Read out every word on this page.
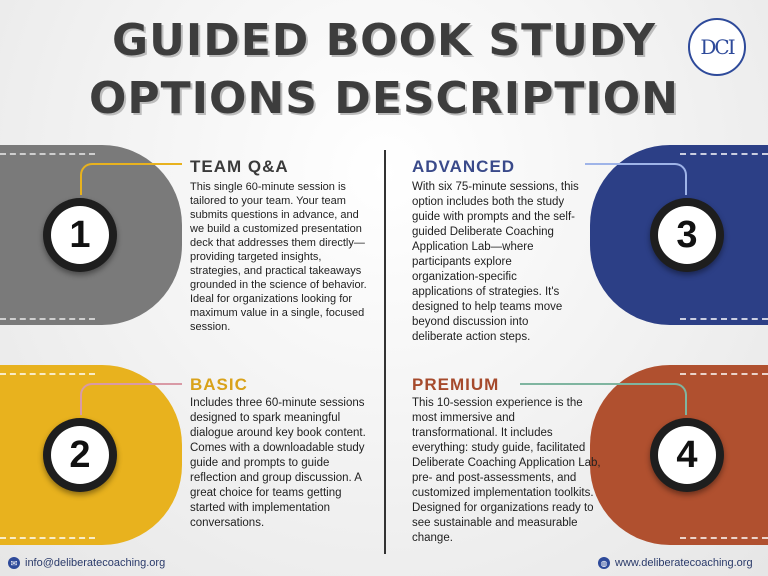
GUIDED BOOK STUDY
OPTIONS DESCRIPTION
DCI
1
TEAM Q&A

This single 60-minute session is tailored to your team. Your team submits questions in advance, and we build a customized presentation deck that addresses them directly—providing targeted insights, strategies, and practical takeaways grounded in the science of behavior. Ideal for organizations looking for maximum value in a single, focused session.

3
ADVANCED

With six 75-minute sessions, this option includes both the study guide with prompts and the self-guided Deliberate Coaching Application Lab—where participants explore organization-specific applications of strategies. It's designed to help teams move beyond discussion into deliberate action steps.

2
BASIC

Includes three 60-minute sessions designed to spark meaningful dialogue around key book content. Comes with a downloadable study guide and prompts to guide reflection and group discussion. A great choice for teams getting started with implementation conversations.

4
PREMIUM

This 10-session experience is the most immersive and transformational. It includes everything: study guide, facilitated Deliberate Coaching Application Lab, pre- and post-assessments, and customized implementation toolkits. Designed for organizations ready to see sustainable and measurable change.

✉ info@deliberatecoaching.org	◍ www.deliberatecoaching.org
